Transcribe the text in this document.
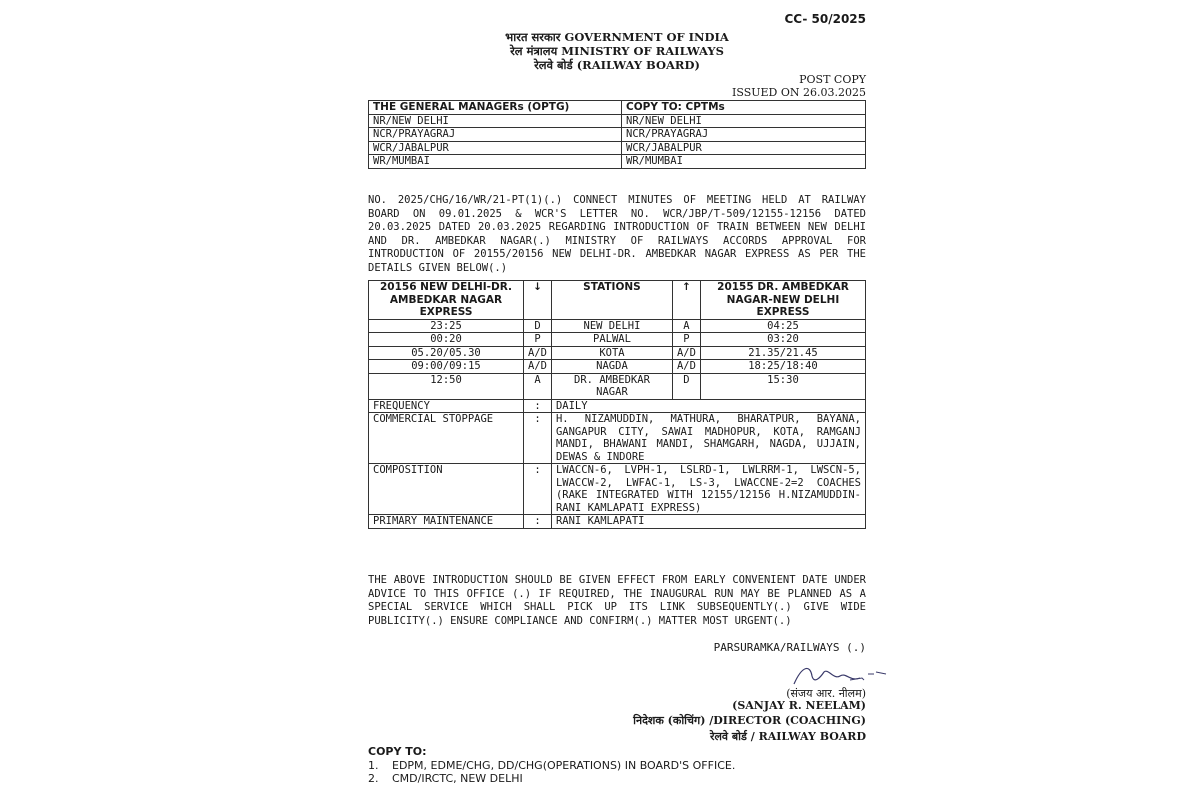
CC- 50/2025
भारत सरकार GOVERNMENT OF INDIA
रेल मंत्रालय MINISTRY OF RAILWAYS
रेलवे बोर्ड (RAILWAY BOARD)
POST COPY
ISSUED ON 26.03.2025
THE GENERAL MANAGERs (OPTG)	COPY TO: CPTMs
NR/NEW DELHI	NR/NEW DELHI
NCR/PRAYAGRAJ	NCR/PRAYAGRAJ
WCR/JABALPUR	WCR/JABALPUR
WR/MUMBAI	WR/MUMBAI
NO. 2025/CHG/16/WR/21-PT(1)(.) CONNECT MINUTES OF MEETING HELD AT RAILWAY BOARD ON 09.01.2025 & WCR'S LETTER NO. WCR/JBP/T-509/12155-12156 DATED 20.03.2025 DATED 20.03.2025 REGARDING INTRODUCTION OF TRAIN BETWEEN NEW DELHI AND DR. AMBEDKAR NAGAR(.) MINISTRY OF RAILWAYS ACCORDS APPROVAL FOR INTRODUCTION OF 20155/20156 NEW DELHI-DR. AMBEDKAR NAGAR EXPRESS AS PER THE DETAILS GIVEN BELOW(.)
20156 NEW DELHI-DR. AMBEDKAR NAGAR EXPRESS	↓	STATIONS	↑	20155 DR. AMBEDKAR NAGAR-NEW DELHI EXPRESS
23:25	D	NEW DELHI	A	04:25
00:20	P	PALWAL	P	03:20
05.20/05.30	A/D	KOTA	A/D	21.35/21.45
09:00/09:15	A/D	NAGDA	A/D	18:25/18:40
12:50	A	DR. AMBEDKAR NAGAR	D	15:30
FREQUENCY	:	DAILY		
COMMERCIAL STOPPAGE	:	H. NIZAMUDDIN, MATHURA, BHARATPUR, BAYANA, GANGAPUR CITY, SAWAI MADHOPUR, KOTA, RAMGANJ MANDI, BHAWANI MANDI, SHAMGARH, NAGDA, UJJAIN, DEWAS & INDORE		
COMPOSITION	:	LWACCN-6, LVPH-1, LSLRD-1, LWLRRM-1, LWSCN-5, LWACCW-2, LWFAC-1, LS-3, LWACCNE-2=2 COACHES (RAKE INTEGRATED WITH 12155/12156 H.NIZAMUDDIN-RANI KAMLAPATI EXPRESS)		
PRIMARY MAINTENANCE	:	RANI KAMLAPATI		
THE ABOVE INTRODUCTION SHOULD BE GIVEN EFFECT FROM EARLY CONVENIENT DATE UNDER ADVICE TO THIS OFFICE (.) IF REQUIRED, THE INAUGURAL RUN MAY BE PLANNED AS A SPECIAL SERVICE WHICH SHALL PICK UP ITS LINK SUBSEQUENTLY(.) GIVE WIDE PUBLICITY(.) ENSURE COMPLIANCE AND CONFIRM(.) MATTER MOST URGENT(.)
PARSURAMKA/RAILWAYS (.)
(संजय आर. नीलम)
(SANJAY R. NEELAM)
निदेशक (कोचिंग) /DIRECTOR (COACHING)
रेलवे बोर्ड / RAILWAY BOARD
COPY TO:
1. EDPM, EDME/CHG, DD/CHG(OPERATIONS) IN BOARD'S OFFICE.
2. CMD/IRCTC, NEW DELHI
